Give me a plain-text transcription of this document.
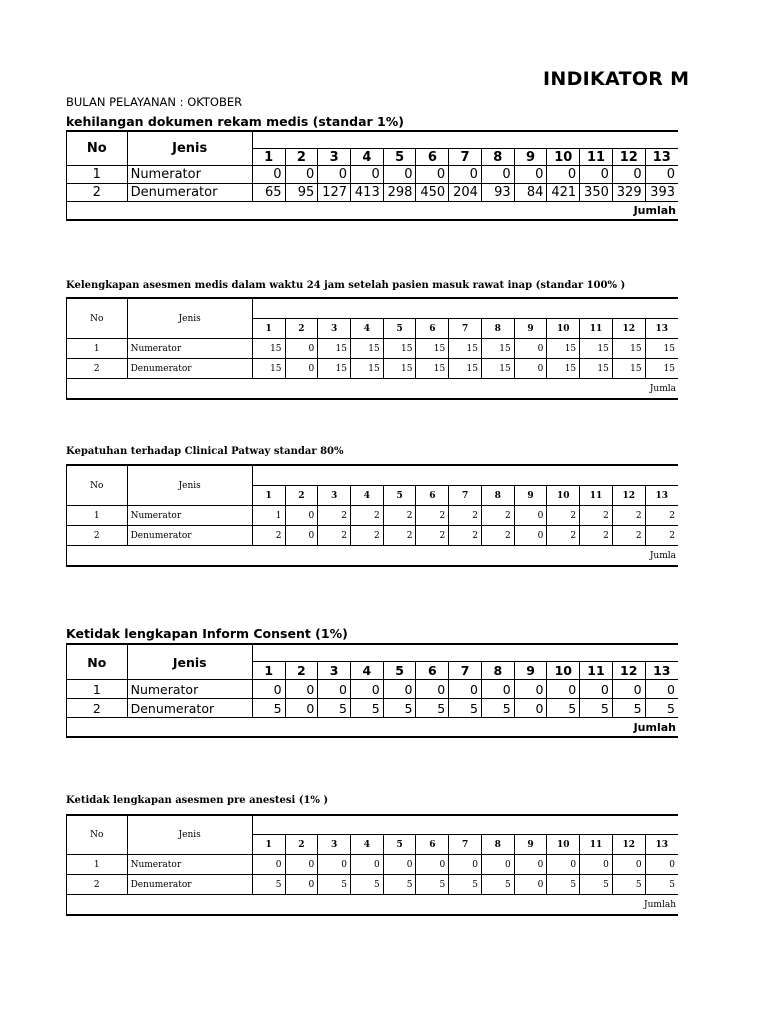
INDIKATOR M
BULAN PELAYANAN : OKTOBER
kehilangan dokumen rekam medis (standar 1%)
No	Jenis													
		1	2	3	4	5	6	7	8	9	10	11	12	13
1	Numerator	0	0	0	0	0	0	0	0	0	0	0	0	0
2	Denumerator	65	95	127	413	298	450	204	93	84	421	350	329	393
Jumlah														
Kelengkapan asesmen medis dalam waktu 24 jam setelah pasien masuk rawat inap (standar 100% )
No	Jenis													
		1	2	3	4	5	6	7	8	9	10	11	12	13
1	Numerator	15	0	15	15	15	15	15	15	0	15	15	15	15
2	Denumerator	15	0	15	15	15	15	15	15	0	15	15	15	15
Jumla														
Kepatuhan terhadap Clinical Patway standar 80%
No	Jenis													
		1	2	3	4	5	6	7	8	9	10	11	12	13
1	Numerator	1	0	2	2	2	2	2	2	0	2	2	2	2
2	Denumerator	2	0	2	2	2	2	2	2	0	2	2	2	2
Jumla														
Ketidak lengkapan Inform Consent (1%)
No	Jenis													
		1	2	3	4	5	6	7	8	9	10	11	12	13
1	Numerator	0	0	0	0	0	0	0	0	0	0	0	0	0
2	Denumerator	5	0	5	5	5	5	5	5	0	5	5	5	5
Jumlah														
Ketidak lengkapan asesmen pre anestesi (1% )
No	Jenis													
		1	2	3	4	5	6	7	8	9	10	11	12	13
1	Numerator	0	0	0	0	0	0	0	0	0	0	0	0	0
2	Denumerator	5	0	5	5	5	5	5	5	0	5	5	5	5
Jumlah														
